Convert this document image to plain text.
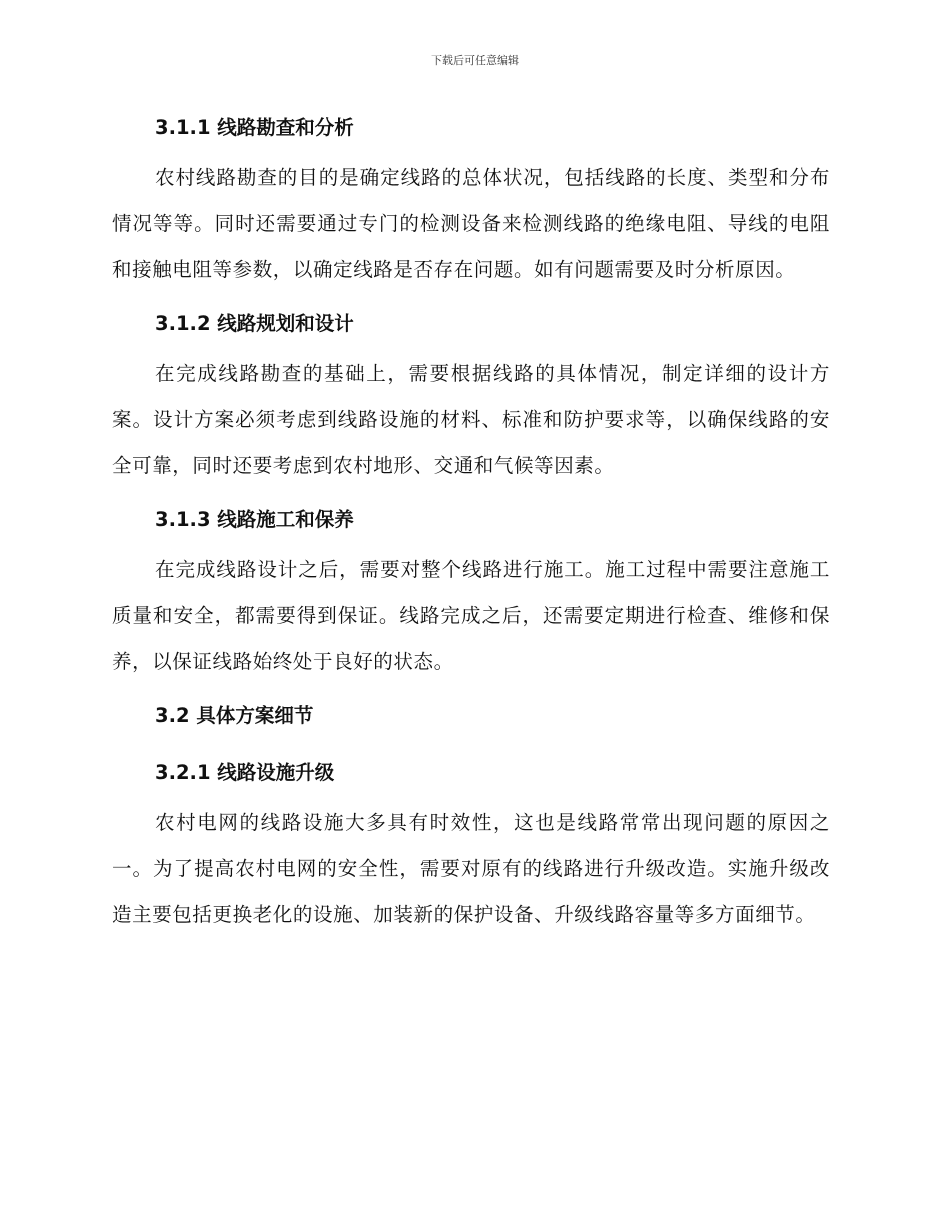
下载后可任意编辑
3.1.1 线路勘查和分析

农村线路勘查的目的是确定线路的总体状况，包括线路的长度、类型和分布情况等等。同时还需要通过专门的检测设备来检测线路的绝缘电阻、导线的电阻和接触电阻等参数，以确定线路是否存在问题。如有问题需要及时分析原因。

3.1.2 线路规划和设计

在完成线路勘查的基础上，需要根据线路的具体情况，制定详细的设计方案。设计方案必须考虑到线路设施的材料、标准和防护要求等，以确保线路的安全可靠，同时还要考虑到农村地形、交通和气候等因素。

3.1.3 线路施工和保养

在完成线路设计之后，需要对整个线路进行施工。施工过程中需要注意施工质量和安全，都需要得到保证。线路完成之后，还需要定期进行检查、维修和保养，以保证线路始终处于良好的状态。

3.2 具体方案细节
3.2.1 线路设施升级

农村电网的线路设施大多具有时效性，这也是线路常常出现问题的原因之一。为了提高农村电网的安全性，需要对原有的线路进行升级改造。实施升级改造主要包括更换老化的设施、加装新的保护设备、升级线路容量等多方面细节。
